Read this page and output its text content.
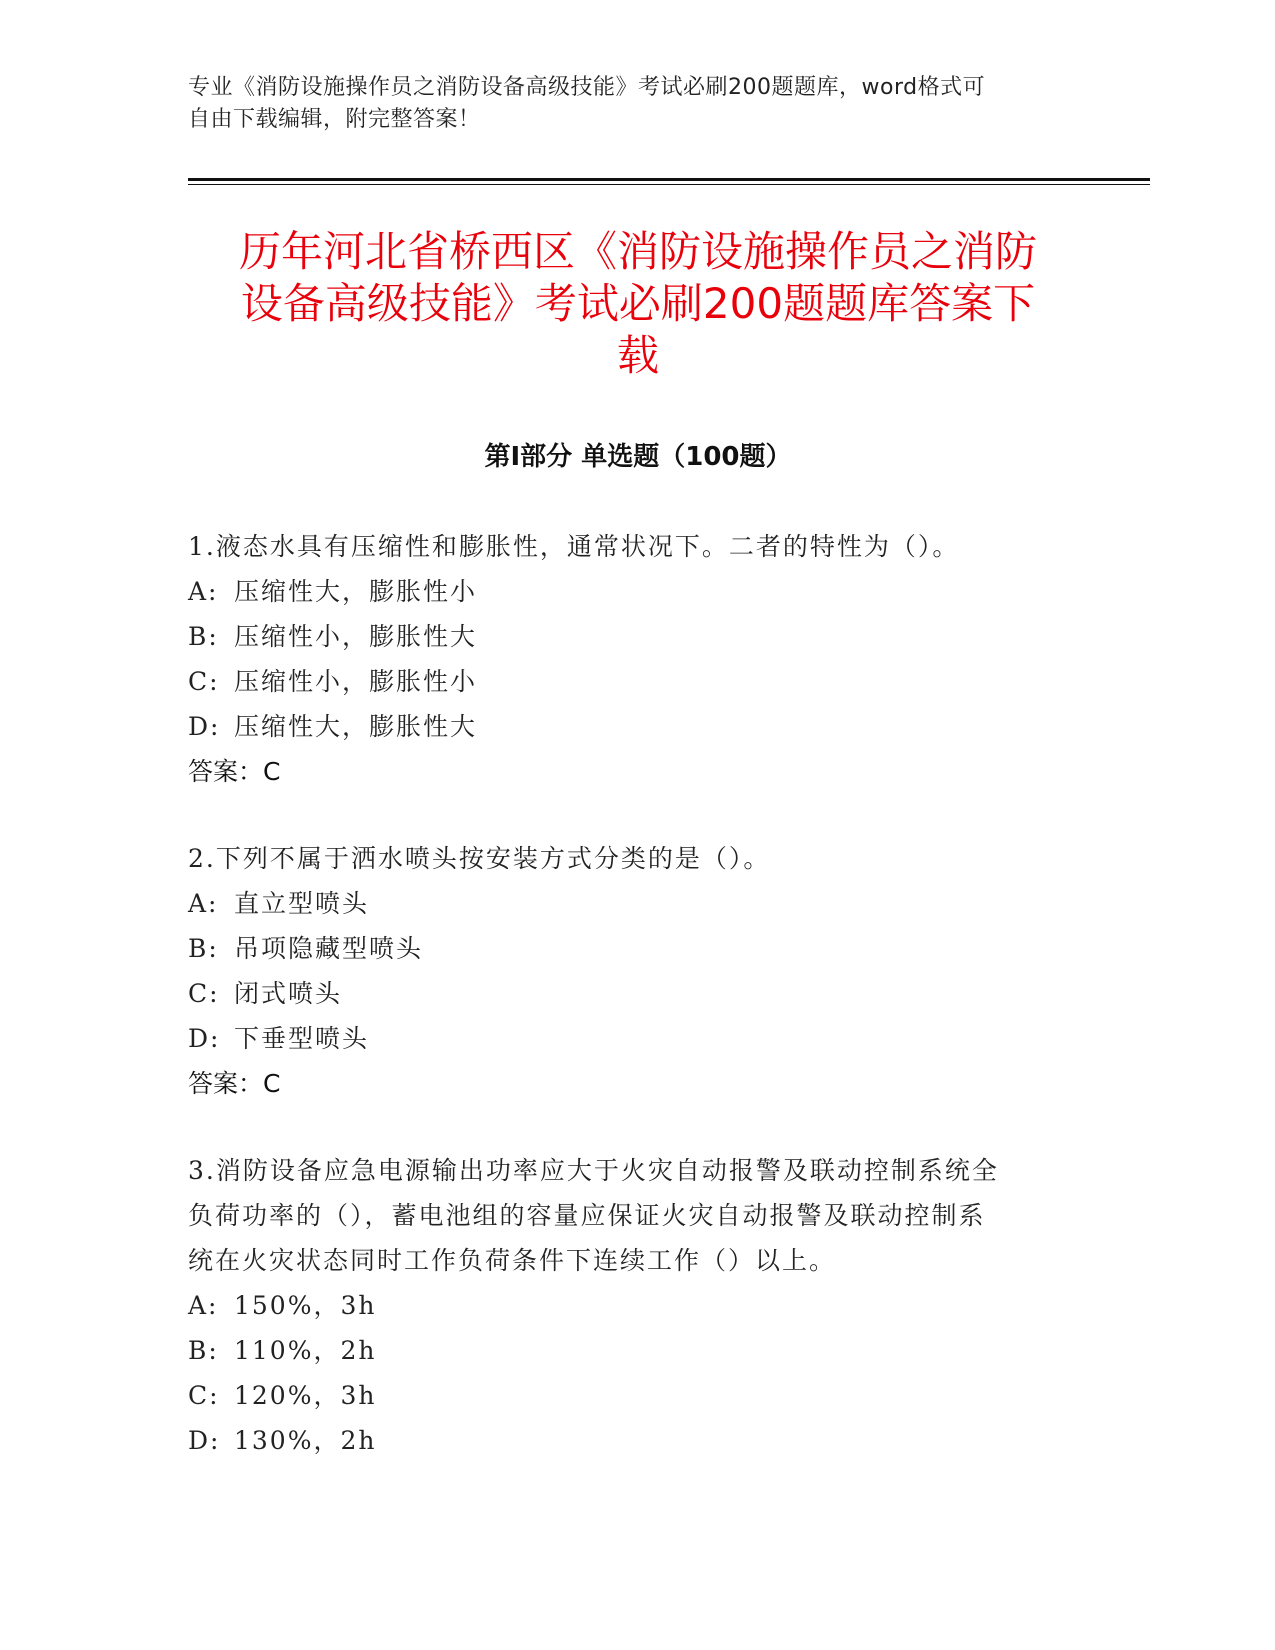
专业《消防设施操作员之消防设备高级技能》考试必刷200题题库，word格式可
自由下载编辑，附完整答案！
历年河北省桥西区《消防设施操作员之消防
设备高级技能》考试必刷200题题库答案下
载
第Ⅰ部分 单选题（100题）
1.液态水具有压缩性和膨胀性，通常状况下。二者的特性为（）。
A: 压缩性大，膨胀性小
B: 压缩性小，膨胀性大
C: 压缩性小，膨胀性小
D: 压缩性大，膨胀性大
答案：C
2.下列不属于洒水喷头按安装方式分类的是（）。
A: 直立型喷头
B: 吊项隐藏型喷头
C: 闭式喷头
D: 下垂型喷头
答案：C
3.消防设备应急电源输出功率应大于火灾自动报警及联动控制系统全
负荷功率的（），蓄电池组的容量应保证火灾自动报警及联动控制系
统在火灾状态同时工作负荷条件下连续工作（）以上。
A: 150%，3h
B: 110%，2h
C: 120%，3h
D: 130%，2h
